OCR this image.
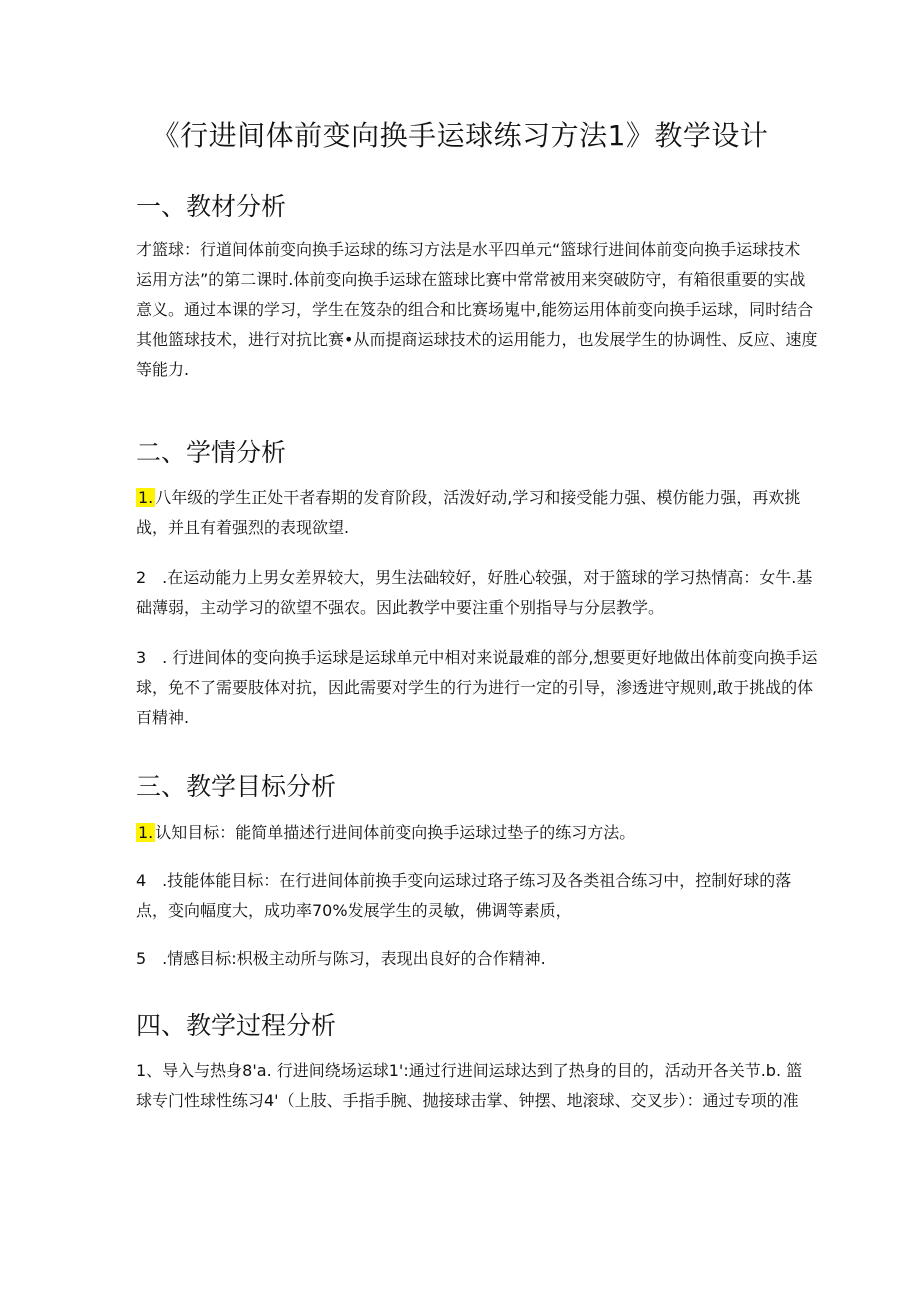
《行进间体前变向换手运球练习方法1》教学设计
一、教材分析
才篮球：行道间体前变向换手运球的练习方法是水平四单元“篮球行进间体前变向换手运球技术
运用方法”的第二课时.体前变向换手运球在篮球比赛中常常被用来突破防守，有箱很重要的实战
意义。通过本课的学习，学生在笈杂的组合和比赛场嵬中,能笏运用体前变向换手运球，同时结合
其他篮球技术，进行对抗比赛•从而提商运球技术的运用能力，也发展学生的协调性、反应、速度
等能力.
二、学情分析
1. 八年级的学生正处干者春期的发育阶段，活泼好动,学习和接受能力强、模仿能力强，再欢挑
战，并且有着强烈的表现欲望.
2　.在运动能力上男女差界较大，男生法础较好，好胜心较强，对于篮球的学习热情高：女牛.基
础薄弱，主动学习的欲望不强农。因此教学中要注重个别指导与分层教学。
3　. 行进间体的变向换手运球是运球单元中相对来说最难的部分,想要更好地做出体前变向换手运
球，免不了需要肢体对抗，因此需要对学生的行为进行一定的引导，渗透进守规则,敢于挑战的体
百精神.
三、教学目标分析
1. 认知目标：能简单描述行进间体前变向换手运球过垫子的练习方法。
4　.技能体能目标：在行进间体前换手变向运球过珞子练习及各类祖合练习中，控制好球的落
点，变向幅度大，成功率70%发展学生的灵敏，佛调等素质，
5　.情感目标:枳极主动所与陈习，表现出良好的合作精神.
四、教学过程分析
1、导入与热身8'a. 行进间绕场运球1':通过行进间运球达到了热身的目的，活动开各关节.b. 篮
球专门性球性练习4'（上肢、手指手腕、抛接球击掌、钟摆、地滚球、交叉步）：通过专项的准
